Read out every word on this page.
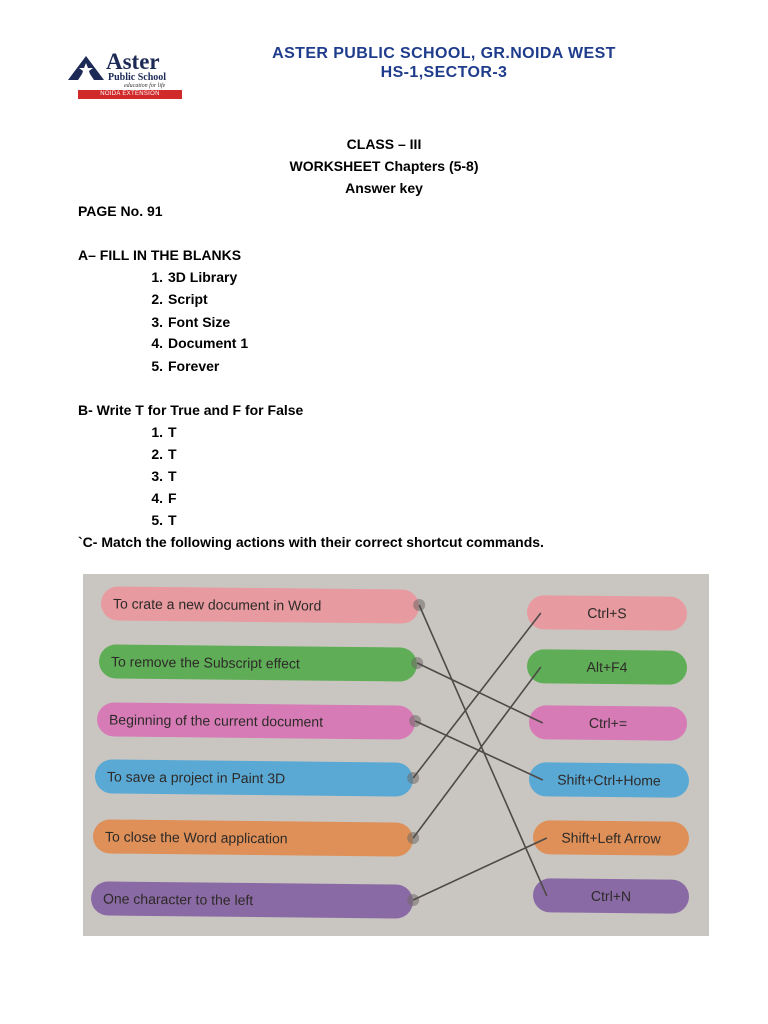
Aster
Public School
education for life
NOIDA EXTENSION
ASTER PUBLIC SCHOOL, GR.NOIDA WEST
HS-1,SECTOR-3
CLASS – III
WORKSHEET Chapters (5-8)
Answer key
PAGE No. 91
A– FILL IN THE BLANKS
1. 3D Library
2. Script
3. Font Size
4. Document 1
5. Forever
B- Write T for True and F for False
1. T
2. T
3. T
4. F
5. T
`C- Match the following actions with their correct shortcut commands.
To crate a new document in Word
To remove the Subscript effect
Beginning of the current document
To save a project in Paint 3D
To close the Word application
One character to the left
Ctrl+S
Alt+F4
Ctrl+=
Shift+Ctrl+Home
Shift+Left Arrow
Ctrl+N
